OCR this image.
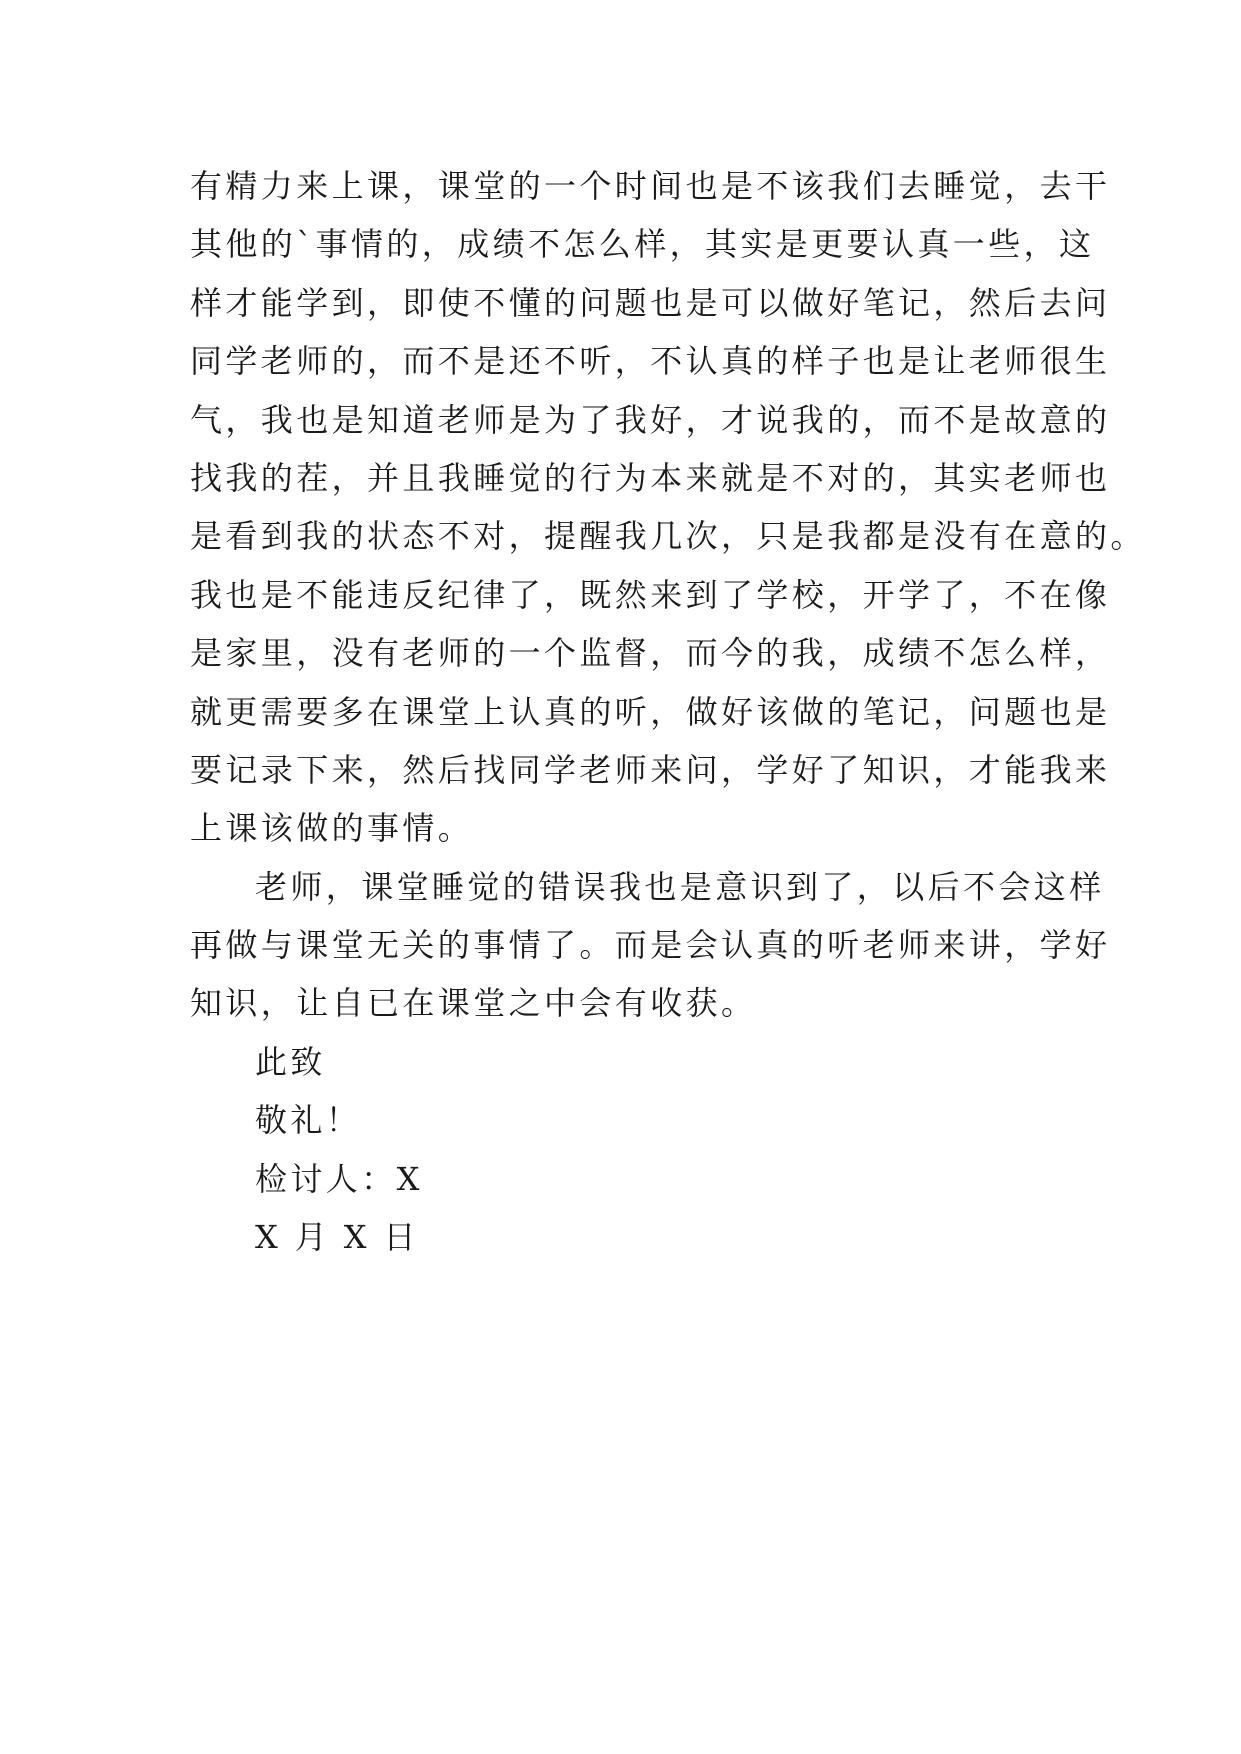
有精力来上课，课堂的一个时间也是不该我们去睡觉，去干
其他的`事情的，成绩不怎么样，其实是更要认真一些，这
样才能学到，即使不懂的问题也是可以做好笔记，然后去问
同学老师的，而不是还不听，不认真的样子也是让老师很生
气，我也是知道老师是为了我好，才说我的，而不是故意的
找我的茬，并且我睡觉的行为本来就是不对的，其实老师也
是看到我的状态不对，提醒我几次，只是我都是没有在意的。
我也是不能违反纪律了，既然来到了学校，开学了，不在像
是家里，没有老师的一个监督，而今的我，成绩不怎么样，
就更需要多在课堂上认真的听，做好该做的笔记，问题也是
要记录下来，然后找同学老师来问，学好了知识，才能我来
上课该做的事情。
老师，课堂睡觉的错误我也是意识到了，以后不会这样
再做与课堂无关的事情了。而是会认真的听老师来讲，学好
知识，让自已在课堂之中会有收获。
此致
敬礼！
检讨人：X
X 月 X 日
